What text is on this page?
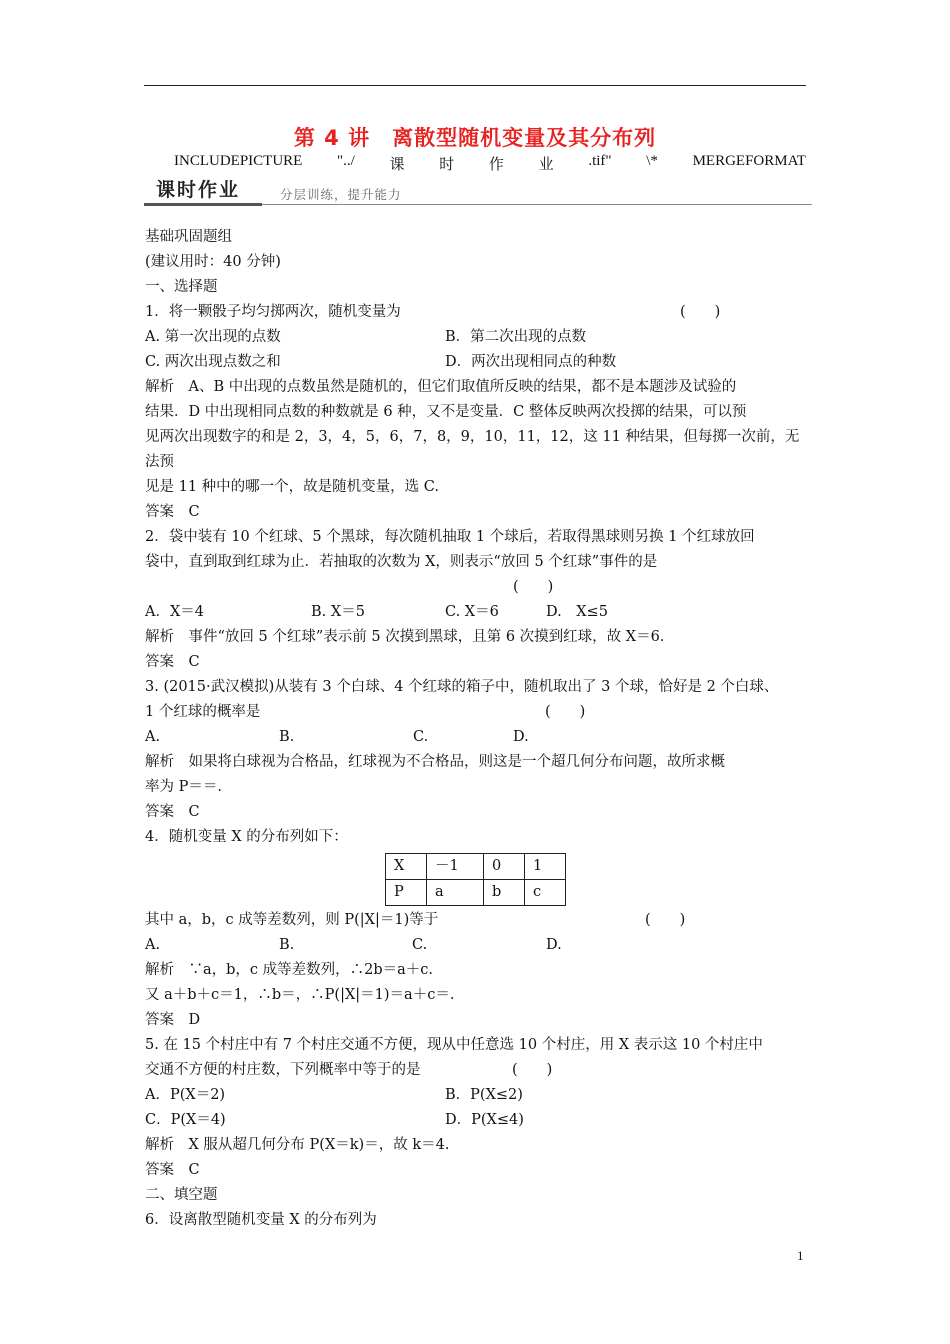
第 4 讲　离散型随机变量及其分布列
INCLUDEPICTURE "../ 课 时 作 业 .tif" \* MERGEFORMAT
课时作业	分层训练，提升能力

基础巩固题组

(建议用时：40 分钟)

一、选择题

1．将一颗骰子均匀掷两次，随机变量为	(　　)
A. 第一次出现的点数	B．第二次出现的点数
C. 两次出现点数之和	D．两次出现相同点的种数

解析　A、B 中出现的点数虽然是随机的，但它们取值所反映的结果，都不是本题涉及试验的

结果．D 中出现相同点数的种数就是 6 种，又不是变量．C 整体反映两次投掷的结果，可以预

见两次出现数字的和是 2，3，4，5，6，7，8，9，10，11，12，这 11 种结果，但每掷一次前，无法预

见是 11 种中的哪一个，故是随机变量，选 C.

答案　C

2．袋中装有 10 个红球、5 个黑球，每次随机抽取 1 个球后，若取得黑球则另换 1 个红球放回

袋中，直到取到红球为止．若抽取的次数为 X，则表示“放回 5 个红球”事件的是

(　　)

A．X＝4	B. X＝5	C. X＝6	D.　X≤5

解析　事件“放回 5 个红球”表示前 5 次摸到黑球，且第 6 次摸到红球，故 X＝6.

答案　C

3. (2015·武汉模拟)从装有 3 个白球、4 个红球的箱子中，随机取出了 3 个球，恰好是 2 个白球、

1 个红球的概率是	(　　)
A.	B.	C.	D.

解析　如果将白球视为合格品，红球视为不合格品，则这是一个超几何分布问题，故所求概

率为 P＝＝.

答案　C

4．随机变量 X 的分布列如下：

X	－1	0	1
P	a	b	c
其中 a，b，c 成等差数列，则 P(|X|＝1)等于	(　　)
A.	B.	C.	D.

解析　∵a，b，c 成等差数列，∴2b＝a＋c.

又 a＋b＋c＝1，∴b＝，∴P(|X|＝1)＝a＋c＝.

答案　D

5. 在 15 个村庄中有 7 个村庄交通不方便，现从中任意选 10 个村庄，用 X 表示这 10 个村庄中

交通不方便的村庄数，下列概率中等于的是	(　　)
A．P(X＝2)	B．P(X≤2)
C．P(X＝4)	D．P(X≤4)

解析　X 服从超几何分布 P(X＝k)＝，故 k＝4.

答案　C

二、填空题

6．设离散型随机变量 X 的分布列为

1
